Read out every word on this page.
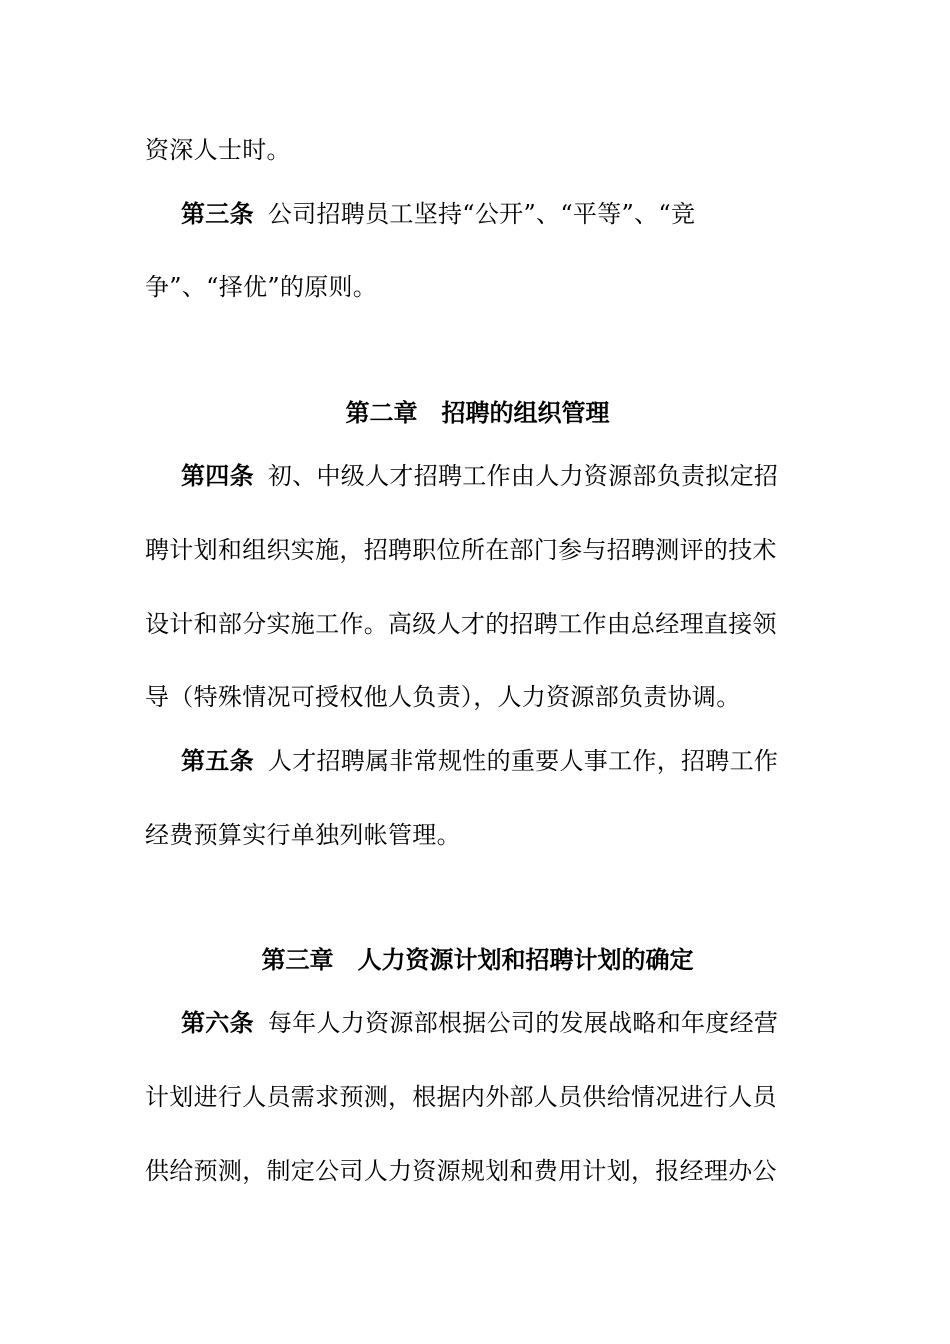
资深人士时。
第三条 公司招聘员工坚持“公开”、“平等”、“竞
争”、“择优”的原则。
第二章 招聘的组织管理
第四条 初、中级人才招聘工作由人力资源部负责拟定招
聘计划和组织实施，招聘职位所在部门参与招聘测评的技术
设计和部分实施工作。高级人才的招聘工作由总经理直接领
导（特殊情况可授权他人负责），人力资源部负责协调。
第五条 人才招聘属非常规性的重要人事工作，招聘工作
经费预算实行单独列帐管理。
第三章 人力资源计划和招聘计划的确定
第六条 每年人力资源部根据公司的发展战略和年度经营
计划进行人员需求预测，根据内外部人员供给情况进行人员
供给预测，制定公司人力资源规划和费用计划，报经理办公
